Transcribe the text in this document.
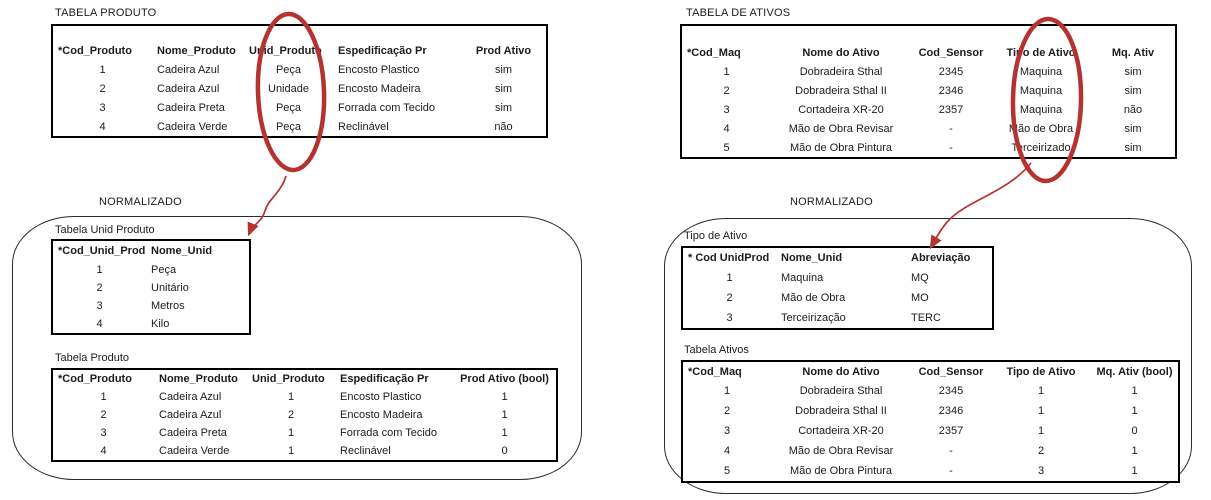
TABELA PRODUTO
*Cod_Produto	Nome_Produto	Unid_Produto	Espedificação Pr	Prod Ativo
1	Cadeira Azul	Peça	Encosto Plastico	sim
2	Cadeira Azul	Unidade	Encosto Madeira	sim
3	Cadeira Preta	Peça	Forrada com Tecido	sim
4	Cadeira Verde	Peça	Reclinável	não
NORMALIZADO
Tabela Unid Produto
*Cod_Unid_Prod	Nome_Unid
1	Peça
2	Unitário
3	Metros
4	Kilo
Tabela Produto
*Cod_Produto	Nome_Produto	Unid_Produto	Espedificação Pr	Prod Ativo (bool)
1	Cadeira Azul	1	Encosto Plastico	1
2	Cadeira Azul	2	Encosto Madeira	1
3	Cadeira Preta	1	Forrada com Tecido	1
4	Cadeira Verde	1	Reclinável	0
TABELA DE ATIVOS
*Cod_Maq	Nome do Ativo	Cod_Sensor	Tipo de Ativo	Mq. Ativ
1	Dobradeira Sthal	2345	Maquina	sim
2	Dobradeira Sthal II	2346	Maquina	sim
3	Cortadeira XR-20	2357	Maquina	não
4	Mão de Obra Revisar	-	Mão de Obra	sim
5	Mão de Obra Pintura	-	Terceirizado	sim
NORMALIZADO
Tipo de Ativo
* Cod UnidProd	Nome_Unid	Abreviação
1	Maquina	MQ
2	Mão de Obra	MO
3	Terceirização	TERC
Tabela Ativos
*Cod_Maq	Nome do Ativo	Cod_Sensor	Tipo de Ativo	Mq. Ativ (bool)
1	Dobradeira Sthal	2345	1	1
2	Dobradeira Sthal II	2346	1	1
3	Cortadeira XR-20	2357	1	0
4	Mão de Obra Revisar	-	2	1
5	Mão de Obra Pintura	-	3	1
